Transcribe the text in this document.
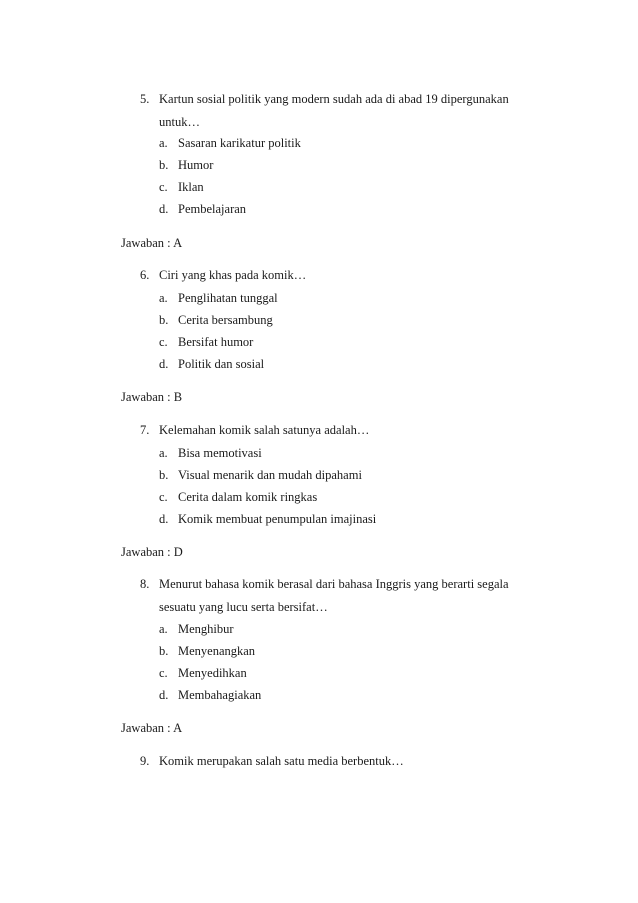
5. Kartun sosial politik yang modern sudah ada di abad 19 dipergunakan
untuk…
a. Sasaran karikatur politik
b. Humor
c. Iklan
d. Pembelajaran
Jawaban : A
6. Ciri yang khas pada komik…
a. Penglihatan tunggal
b. Cerita bersambung
c. Bersifat humor
d. Politik dan sosial
Jawaban : B
7. Kelemahan komik salah satunya adalah…
a. Bisa memotivasi
b. Visual menarik dan mudah dipahami
c. Cerita dalam komik ringkas
d. Komik membuat penumpulan imajinasi
Jawaban : D
8. Menurut bahasa komik berasal dari bahasa Inggris yang berarti segala
sesuatu yang lucu serta bersifat…
a. Menghibur
b. Menyenangkan
c. Menyedihkan
d. Membahagiakan
Jawaban : A
9. Komik merupakan salah satu media berbentuk…
